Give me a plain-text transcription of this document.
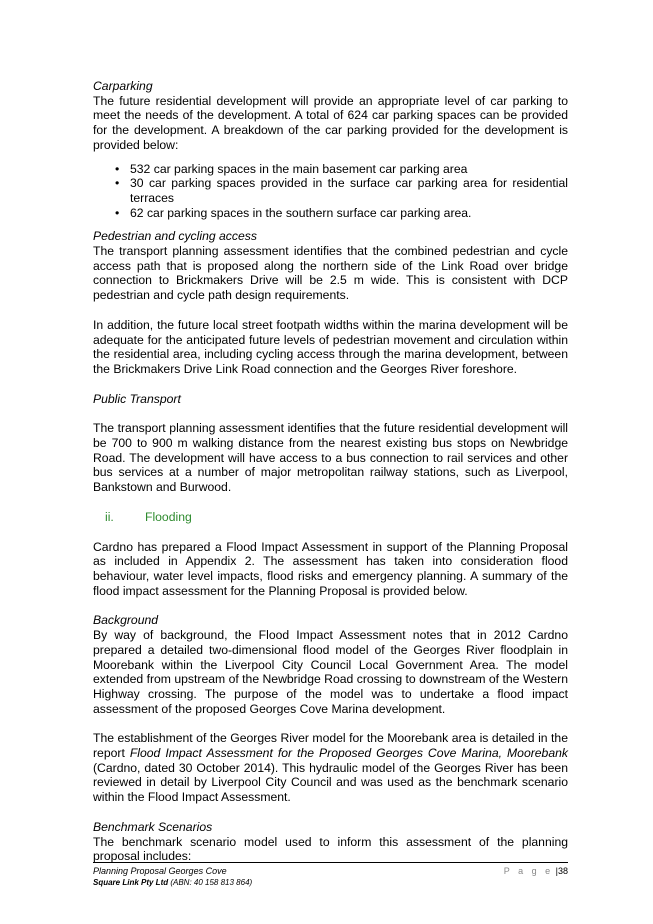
Carparking

The future residential development will provide an appropriate level of car parking to meet the needs of the development. A total of 624 car parking spaces can be provided for the development. A breakdown of the car parking provided for the development is provided below:

• 532 car parking spaces in the main basement car parking area
• 30 car parking spaces provided in the surface car parking area for residential terraces
• 62 car parking spaces in the southern surface car parking area.

Pedestrian and cycling access

The transport planning assessment identifies that the combined pedestrian and cycle access path that is proposed along the northern side of the Link Road over bridge connection to Brickmakers Drive will be 2.5 m wide. This is consistent with DCP pedestrian and cycle path design requirements.

In addition, the future local street footpath widths within the marina development will be adequate for the anticipated future levels of pedestrian movement and circulation within the residential area, including cycling access through the marina development, between the Brickmakers Drive Link Road connection and the Georges River foreshore.

Public Transport

The transport planning assessment identifies that the future residential development will be 700 to 900 m walking distance from the nearest existing bus stops on Newbridge Road. The development will have access to a bus connection to rail services and other bus services at a number of major metropolitan railway stations, such as Liverpool, Bankstown and Burwood.

ii.	Flooding

Cardno has prepared a Flood Impact Assessment in support of the Planning Proposal as included in Appendix 2. The assessment has taken into consideration flood behaviour, water level impacts, flood risks and emergency planning. A summary of the flood impact assessment for the Planning Proposal is provided below.

Background

By way of background, the Flood Impact Assessment notes that in 2012 Cardno prepared a detailed two-dimensional flood model of the Georges River floodplain in Moorebank within the Liverpool City Council Local Government Area. The model extended from upstream of the Newbridge Road crossing to downstream of the Western Highway crossing. The purpose of the model was to undertake a flood impact assessment of the proposed Georges Cove Marina development.

The establishment of the Georges River model for the Moorebank area is detailed in the report Flood Impact Assessment for the Proposed Georges Cove Marina, Moorebank (Cardno, dated 30 October 2014). This hydraulic model of the Georges River has been reviewed in detail by Liverpool City Council and was used as the benchmark scenario within the Flood Impact Assessment.

Benchmark Scenarios

The benchmark scenario model used to inform this assessment of the planning proposal includes:

Planning Proposal Georges Cove	P a g e |38
Square Link Pty Ltd (ABN: 40 158 813 864)
